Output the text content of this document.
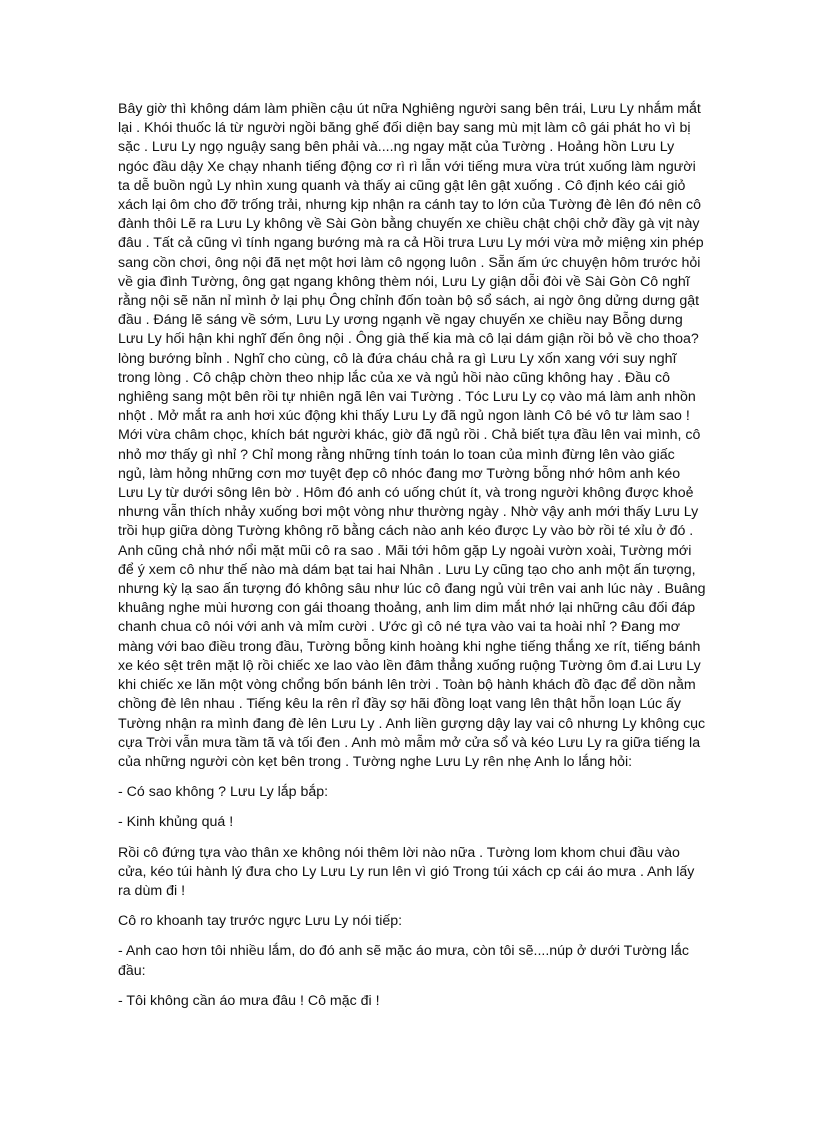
Bây giờ thì không dám làm phiền cậu út nữa Nghiêng người sang bên trái, Lưu Ly nhắm mắt lại . Khói thuốc lá từ người ngồi băng ghế đối diện bay sang mù mịt làm cô gái phát ho vì bị sặc . Lưu Ly ngọ nguậy sang bên phải và....ng ngay mặt của Tường . Hoảng hồn Lưu Ly ngóc đầu dậy Xe chạy nhanh tiếng động cơ rì rì lẫn với tiếng mưa vừa trút xuống làm người ta dễ buồn ngủ Ly nhìn xung quanh và thấy ai cũng gật lên gật xuống . Cô định kéo cái giỏ xách lại ôm cho đỡ trống trải, nhưng kịp nhận ra cánh tay to lớn của Tường đè lên đó nên cô đành thôi Lẽ ra Lưu Ly không về Sài Gòn bằng chuyến xe chiều chật chội chở đầy gà vịt này đâu . Tất cả cũng vì tính ngang bướng mà ra cả Hồi trưa Lưu Ly mới vừa mở miệng xin phép sang cồn chơi, ông nội đã nẹt một hơi làm cô ngọng luôn . Sẵn ấm ức chuyện hôm trước hỏi về gia đình Tường, ông gạt ngang không thèm nói, Lưu Ly giận dỗi đòi về Sài Gòn Cô nghĩ rằng nội sẽ năn nỉ mình ở lại phụ Ông chỉnh đốn toàn bộ sổ sách, ai ngờ ông dửng dưng gật đầu . Đáng lẽ sáng về sớm, Lưu Ly ương ngạnh về ngay chuyến xe chiều nay Bỗng dưng Lưu Ly hối hận khi nghĩ đến ông nội . Ông già thế kia mà cô lại dám giận rồi bỏ về cho thoa? lòng bướng bỉnh . Nghĩ cho cùng, cô là đứa cháu chả ra gì Lưu Ly xốn xang với suy nghĩ trong lòng . Cô chập chờn theo nhịp lắc của xe và ngủ hồi nào cũng không hay . Đầu cô nghiêng sang một bên rồi tự nhiên ngã lên vai Tường . Tóc Lưu Ly cọ vào má làm anh nhồn nhột . Mở mắt ra anh hơi xúc động khi thấy Lưu Ly đã ngủ ngon lành Cô bé vô tư làm sao ! Mới vừa châm chọc, khích bát người khác, giờ đã ngủ rồi . Chả biết tựa đầu lên vai mình, cô nhỏ mơ thấy gì nhỉ ? Chỉ mong rằng những tính toán lo toan của mình đừng lên vào giấc ngủ, làm hỏng những cơn mơ tuyệt đẹp cô nhóc đang mơ Tường bỗng nhớ hôm anh kéo Lưu Ly từ dưới sông lên bờ . Hôm đó anh có uống chút ít, và trong người không được khoẻ nhưng vẫn thích nhảy xuống bơi một vòng như thường ngày . Nhờ vậy anh mới thấy Lưu Ly trồi hụp giữa dòng Tường không rõ bằng cách nào anh kéo được Ly vào bờ rồi té xỉu ở đó . Anh cũng chả nhớ nổi mặt mũi cô ra sao . Mãi tới hôm gặp Ly ngoài vườn xoài, Tường mới để ý xem cô như thế nào mà dám bạt tai hai Nhân . Lưu Ly cũng tạo cho anh một ấn tượng, nhưng kỳ lạ sao ấn tượng đó không sâu như lúc cô đang ngủ vùi trên vai anh lúc này . Buâng khuâng nghe mùi hương con gái thoang thoảng, anh lim dim mắt nhớ lại những câu đối đáp chanh chua cô nói với anh và mỉm cười . Ước gì cô né tựa vào vai ta hoài nhỉ ? Đang mơ màng với bao điều trong đầu, Tường bỗng kinh hoàng khi nghe tiếng thắng xe rít, tiếng bánh xe kéo sệt trên mặt lộ rồi chiếc xe lao vào lền đâm thẳng xuống ruộng Tường ôm đ.ai Lưu Ly khi chiếc xe lăn một vòng chổng bốn bánh lên trời . Toàn bộ hành khách đồ đạc để dồn nằm chồng đè lên nhau . Tiếng kêu la rên rỉ đầy sợ hãi đồng loạt vang lên thật hỗn loạn Lúc ấy Tường nhận ra mình đang đè lên Lưu Ly . Anh liền gượng dậy lay vai cô nhưng Ly không cục cựa Trời vẫn mưa tầm tã và tối đen . Anh mò mẫm mở cửa sổ và kéo Lưu Ly ra giữa tiếng la của những người còn kẹt bên trong . Tường nghe Lưu Ly rên nhẹ Anh lo lắng hỏi:

- Có sao không ? Lưu Ly lắp bắp:

- Kinh khủng quá !

Rồi cô đứng tựa vào thân xe không nói thêm lời nào nữa . Tường lom khom chui đầu vào cửa, kéo túi hành lý đưa cho Ly Lưu Ly run lên vì gió Trong túi xách cp cái áo mưa . Anh lấy ra dùm đi !

Cô ro khoanh tay trước ngực Lưu Ly nói tiếp:

- Anh cao hơn tôi nhiều lắm, do đó anh sẽ mặc áo mưa, còn tôi sẽ....núp ở dưới Tường lắc đầu:

- Tôi không cần áo mưa đâu ! Cô mặc đi !
